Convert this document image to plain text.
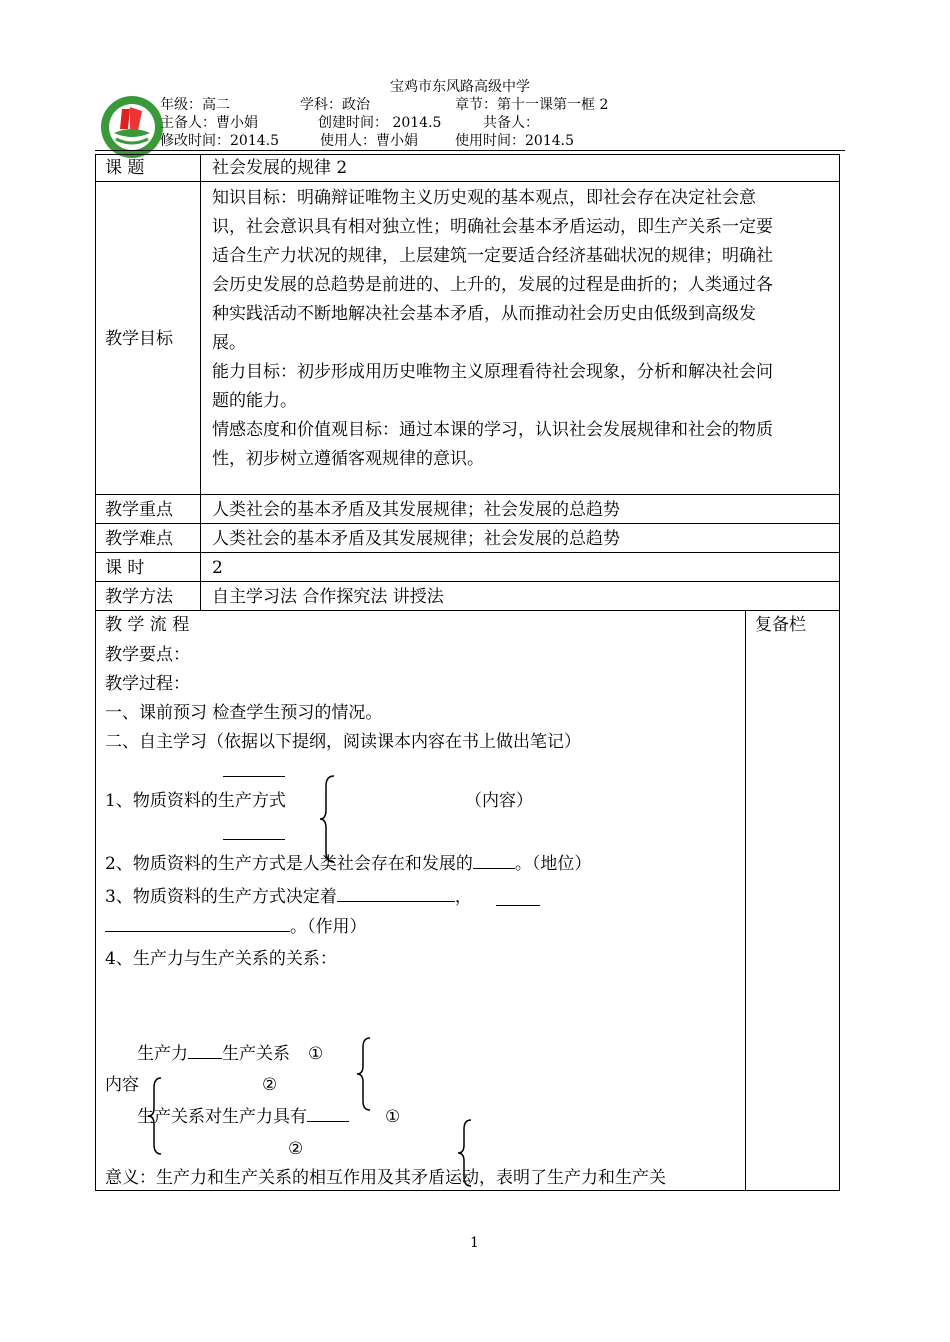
宝鸡市东风路高级中学
年级：高二	学科：政治	章节：第十一课第一框 2
主备人：曹小娟	创建时间： 2014.5	共备人：
修改时间：2014.5	使用人：曹小娟	使用时间：2014.5
课 题	社会发展的规律 2
教学目标
知识目标：明确辩证唯物主义历史观的基本观点，即社会存在决定社会意
识，社会意识具有相对独立性；明确社会基本矛盾运动，即生产关系一定要
适合生产力状况的规律，上层建筑一定要适合经济基础状况的规律；明确社
会历史发展的总趋势是前进的、上升的，发展的过程是曲折的；人类通过各
种实践活动不断地解决社会基本矛盾，从而推动社会历史由低级到高级发
展。
能力目标：初步形成用历史唯物主义原理看待社会现象，分析和解决社会问
题的能力。
情感态度和价值观目标：通过本课的学习，认识社会发展规律和社会的物质
性，初步树立遵循客观规律的意识。
教学重点 人类社会的基本矛盾及其发展规律；社会发展的总趋势
教学难点 人类社会的基本矛盾及其发展规律；社会发展的总趋势
课 时	2
教学方法 自主学习法 合作探究法 讲授法
教 学 流 程	复备栏
教学要点：
教学过程：
一、课前预习 检查学生预习的情况。
二、自主学习（依据以下提纲，阅读课本内容在书上做出笔记）
1、物质资料的生产方式	（内容）
2、物质资料的生产方式是人类社会存在和发展的 。（地位）
3、物质资料的生产方式决定着	，
。（作用）
4、生产力与生产关系的关系：
生产力 生产关系 ①
内容	②
生产关系对生产力具有	①
②
意义：生产力和生产关系的相互作用及其矛盾运动，表明了生产力和生产关
1
